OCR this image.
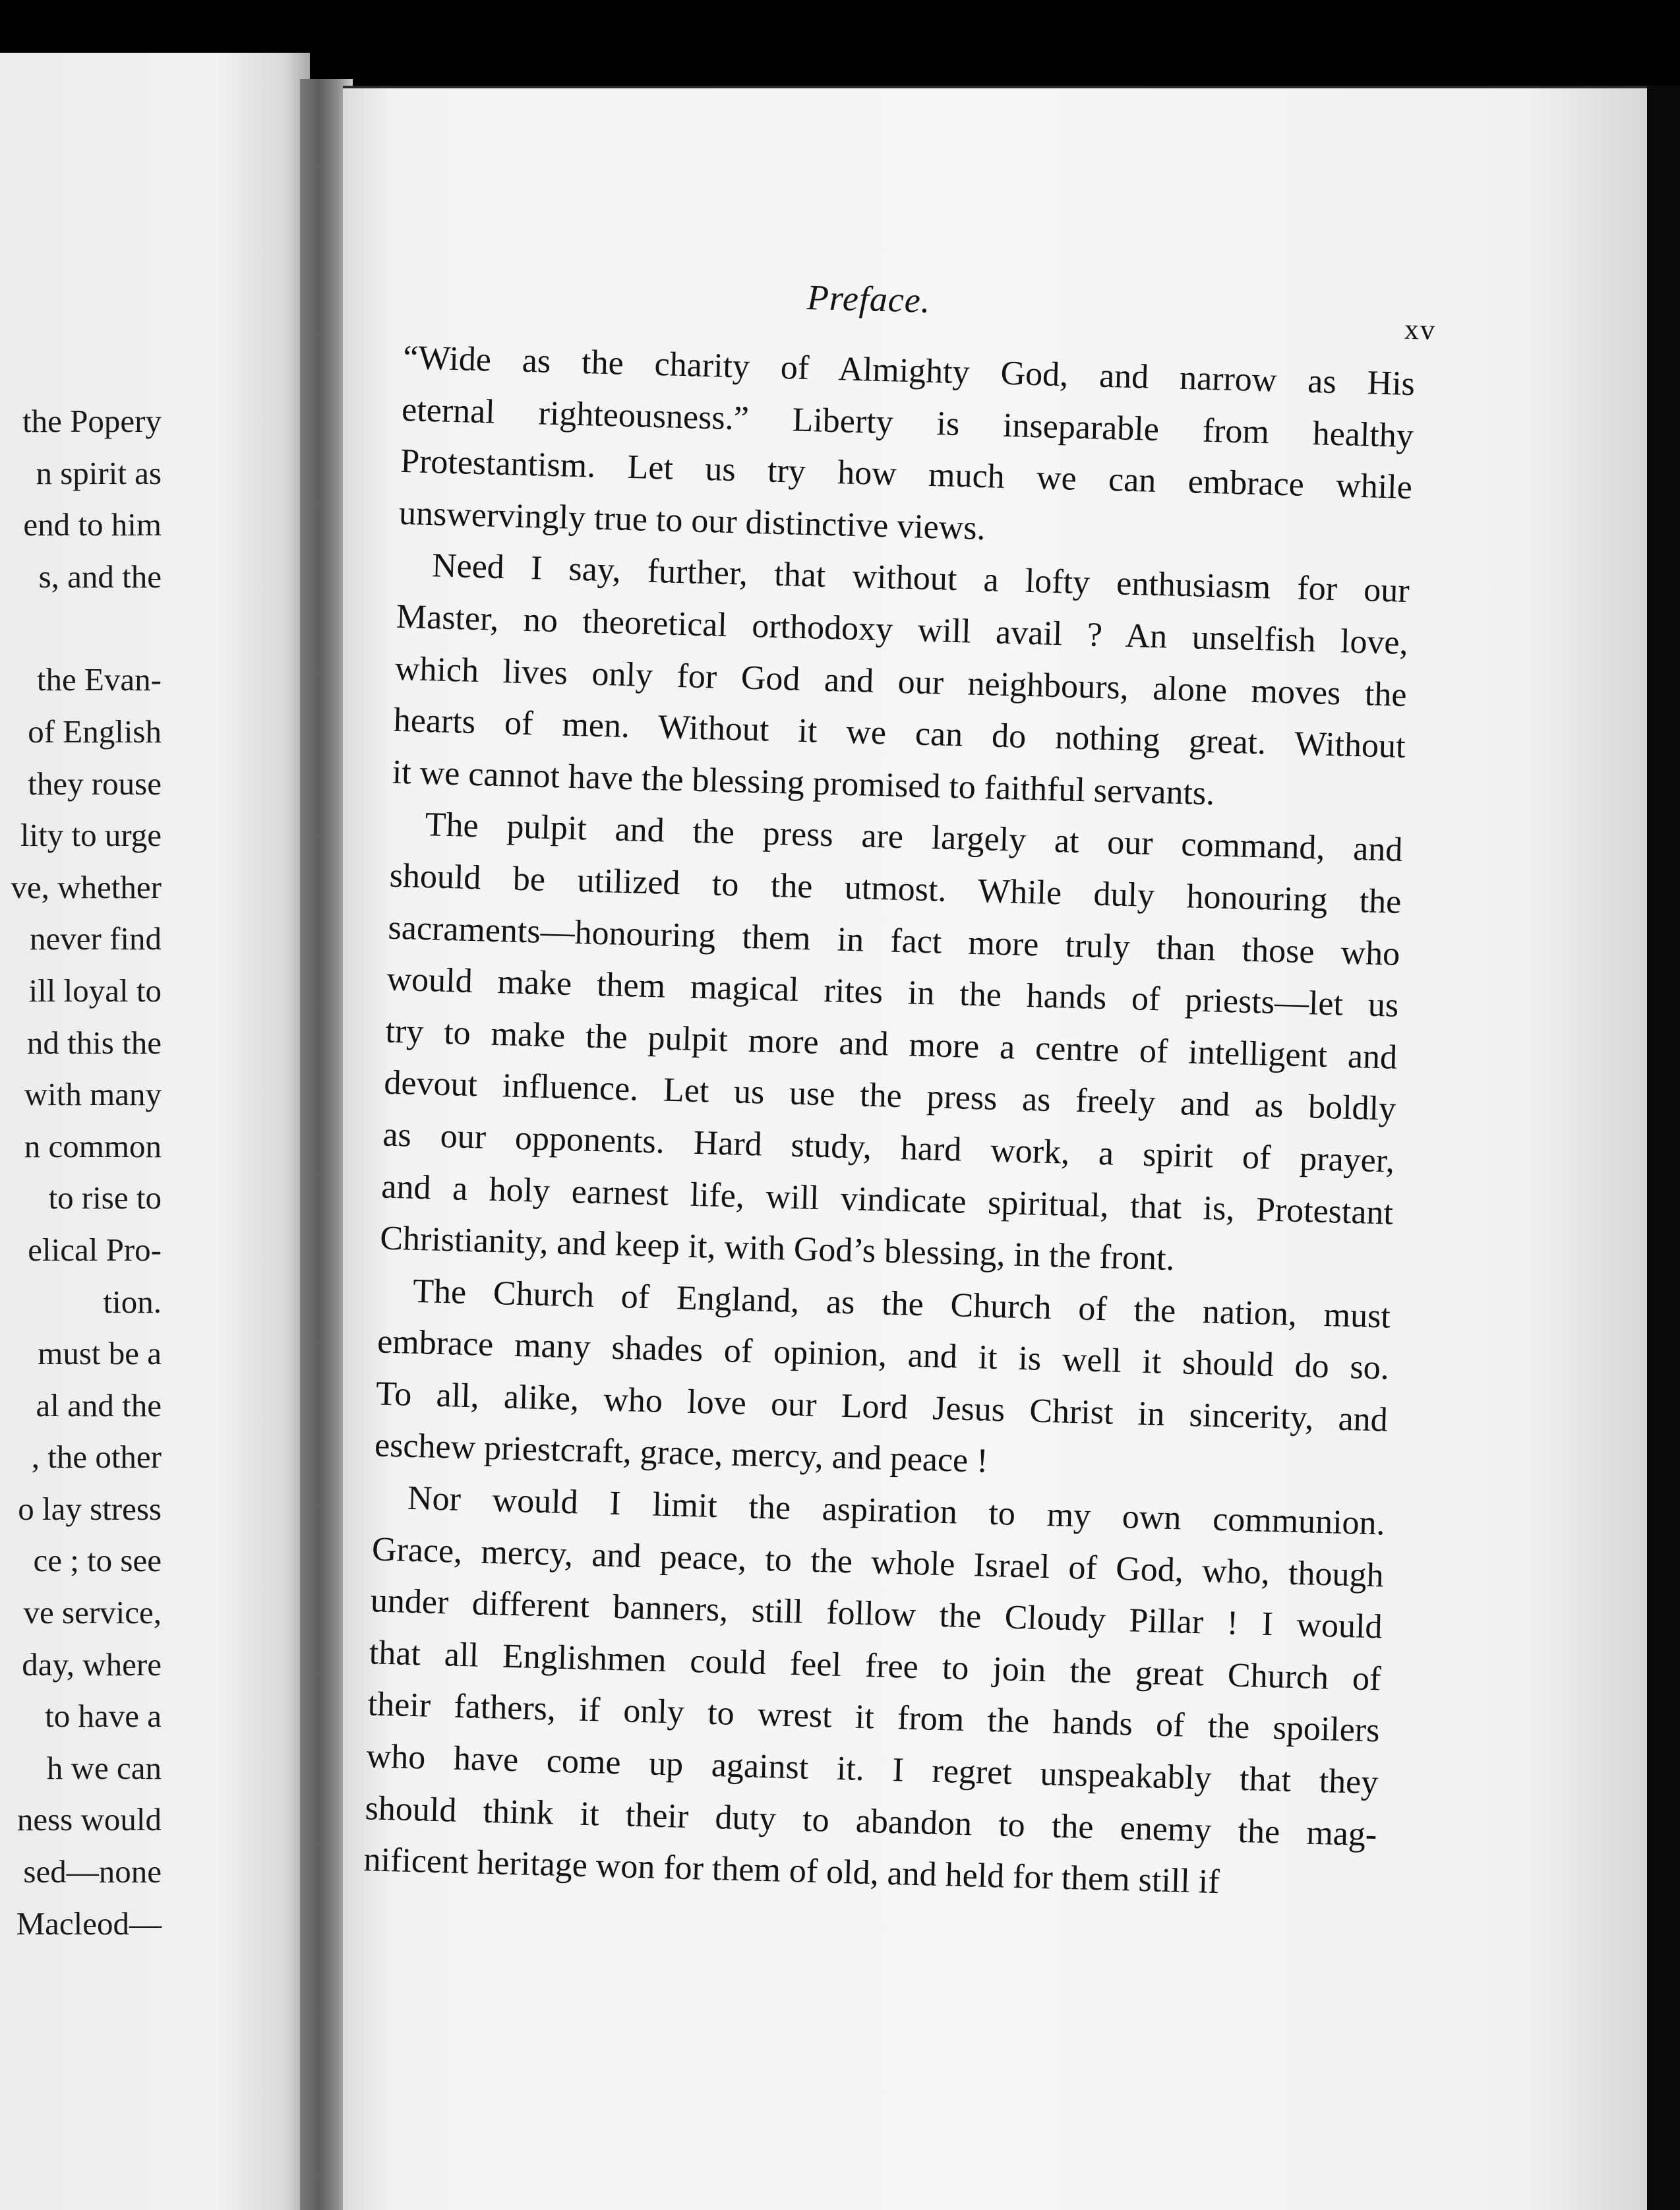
the Popery
n spirit as
end to him
s, and the
the Evan-
of English
they rouse
lity to urge
ve, whether
never find
ill loyal to
nd this the
with many
n common
to rise to
elical Pro-
tion.
must be a
al and the
, the other
o lay stress
ce ; to see
ve service,
day, where
to have a
h we can
ness would
sed—none
Macleod—
Preface.
xv
“Wide as the charity of Almighty God, and narrow as His
eternal righteousness.” Liberty is inseparable from healthy
Protestantism. Let us try how much we can embrace while
unswervingly true to our distinctive views.
Need I say, further, that without a lofty enthusiasm for our
Master, no theoretical orthodoxy will avail ? An unselfish love,
which lives only for God and our neighbours, alone moves the
hearts of men. Without it we can do nothing great. Without
it we cannot have the blessing promised to faithful servants.
The pulpit and the press are largely at our command, and
should be utilized to the utmost. While duly honouring the
sacraments—honouring them in fact more truly than those who
would make them magical rites in the hands of priests—let us
try to make the pulpit more and more a centre of intelligent and
devout influence. Let us use the press as freely and as boldly
as our opponents. Hard study, hard work, a spirit of prayer,
and a holy earnest life, will vindicate spiritual, that is, Protestant
Christianity, and keep it, with God’s blessing, in the front.
The Church of England, as the Church of the nation, must
embrace many shades of opinion, and it is well it should do so.
To all, alike, who love our Lord Jesus Christ in sincerity, and
eschew priestcraft, grace, mercy, and peace !
Nor would I limit the aspiration to my own communion.
Grace, mercy, and peace, to the whole Israel of God, who, though
under different banners, still follow the Cloudy Pillar ! I would
that all Englishmen could feel free to join the great Church of
their fathers, if only to wrest it from the hands of the spoilers
who have come up against it. I regret unspeakably that they
should think it their duty to abandon to the enemy the mag-
nificent heritage won for them of old, and held for them still if
